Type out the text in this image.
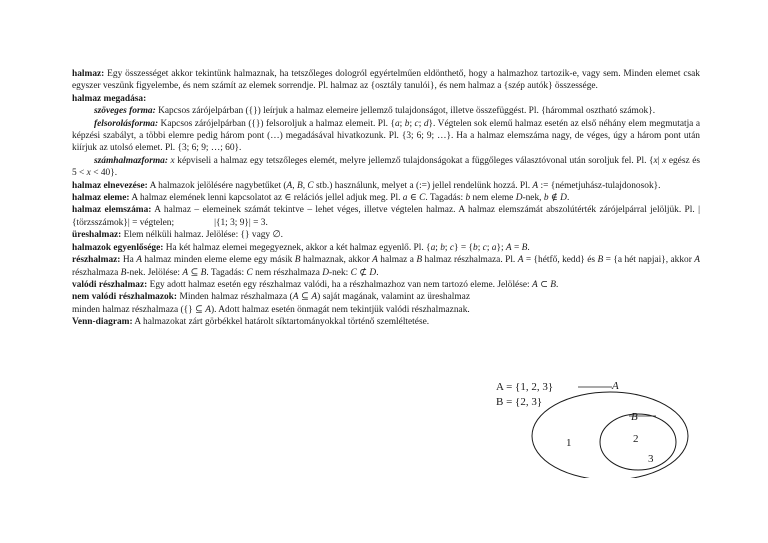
halmaz: Egy összességet akkor tekintünk halmaznak, ha tetszőleges dologról egyértelműen eldönthető, hogy a halmazhoz tartozik-e, vagy sem. Minden elemet csak egyszer veszünk figyelembe, és nem számít az elemek sorrendje. Pl. halmaz az {osztály tanulói}, és nem halmaz a {szép autók} összessége.

halmaz megadása:

szöveges forma: Kapcsos zárójelpárban ({}) leírjuk a halmaz elemeire jellemző tulajdonságot, illetve összefüggést. Pl. {hárommal osztható számok}.

felsorolásforma: Kapcsos zárójelpárban ({}) felsoroljuk a halmaz elemeit. Pl. {a; b; c; d}. Végtelen sok elemű halmaz esetén az első néhány elem megmutatja a képzési szabályt, a többi elemre pedig három pont (…) megadásával hivatkozunk. Pl. {3; 6; 9; …}. Ha a halmaz elemszáma nagy, de véges, úgy a három pont után kiírjuk az utolsó elemet. Pl. {3; 6; 9; …; 60}.

számhalmazforma: x képviseli a halmaz egy tetszőleges elemét, melyre jellemző tulajdonságokat a függőleges választóvonal után soroljuk fel. Pl. {x| x egész és 5 < x < 40}.

halmaz elnevezése: A halmazok jelölésére nagybetűket (A, B, C stb.) használunk, melyet a (:=) jellel rendelünk hozzá. Pl. A := {németjuhász-tulajdonosok}.

halmaz eleme: A halmaz elemének lenni kapcsolatot az ∈ relációs jellel adjuk meg. Pl. a ∈ C. Tagadás: b nem eleme D-nek, b ∉ D.

halmaz elemszáma: A halmaz – elemeinek számát tekintve – lehet véges, illetve végtelen halmaz. A halmaz elemszámát abszolútérték zárójelpárral jelöljük. Pl. |{törzsszámok}| = végtelen;	|{1; 3; 9}| = 3.

üreshalmaz: Elem nélküli halmaz. Jelölése: {} vagy ∅.

halmazok egyenlősége: Ha két halmaz elemei megegyeznek, akkor a két halmaz egyenlő. Pl. {a; b; c} = {b; c; a}; A = B.

részhalmaz: Ha A halmaz minden eleme eleme egy másik B halmaznak, akkor A halmaz a B halmaz részhalmaza. Pl. A = {hétfő, kedd} és B = {a hét napjai}, akkor A részhalmaza B-nek. Jelölése: A ⊆ B. Tagadás: C nem részhalmaza D-nek: C ⊄ D.

valódi részhalmaz: Egy adott halmaz esetén egy részhalmaz valódi, ha a részhalmazhoz van nem tartozó eleme. Jelölése: A ⊂ B.

nem valódi részhalmazok: Minden halmaz részhalmaza (A ⊆ A) saját magának, valamint az üreshalmaz minden halmaz részhalmaza ({} ⊆ A). Adott halmaz esetén önmagát nem tekintjük valódi részhalmaznak.

Venn-diagram: A halmazokat zárt görbékkel határolt síktartományokkal történő szemléltetése.

A = {1, 2, 3}
B = {2, 3}
A
B
1	2
3
